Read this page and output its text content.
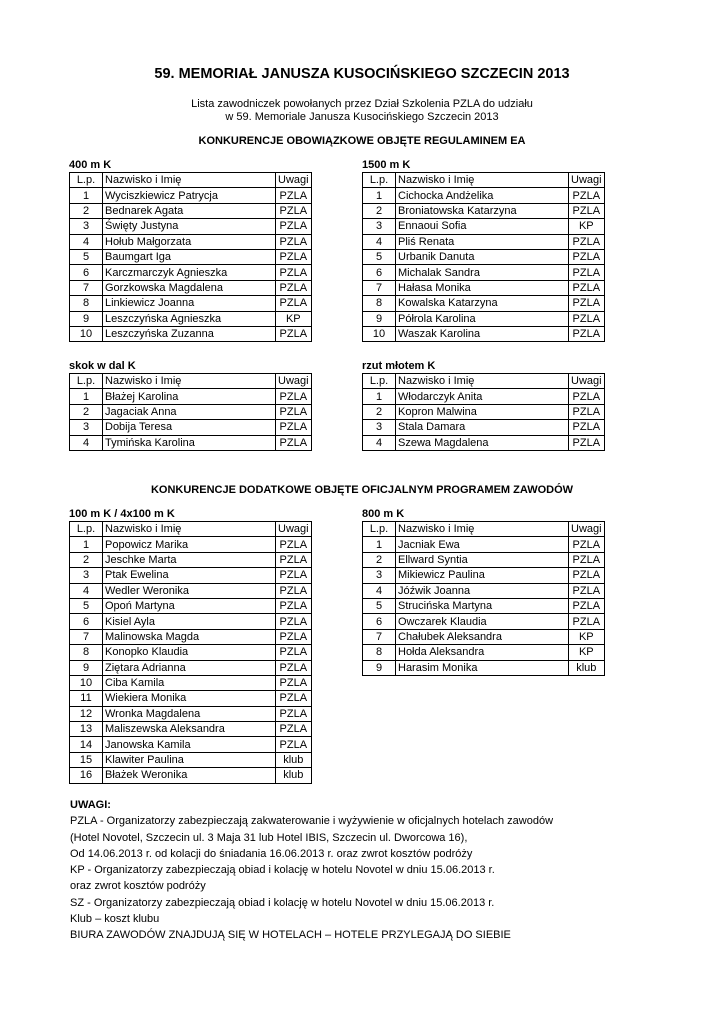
59. MEMORIAŁ JANUSZA KUSOCIŃSKIEGO SZCZECIN 2013
Lista zawodniczek powołanych przez Dział Szkolenia PZLA do udziału
w 59. Memoriale Janusza Kusocińskiego Szczecin 2013
KONKURENCJE OBOWIĄZKOWE OBJĘTE REGULAMINEM EA
400 m K
L.p.	Nazwisko i Imię	Uwagi
1	Wyciszkiewicz Patrycja	PZLA
2	Bednarek Agata	PZLA
3	Święty Justyna	PZLA
4	Hołub Małgorzata	PZLA
5	Baumgart Iga	PZLA
6	Karczmarczyk Agnieszka	PZLA
7	Gorzkowska Magdalena	PZLA
8	Linkiewicz Joanna	PZLA
9	Leszczyńska Agnieszka	KP
10	Leszczyńska Zuzanna	PZLA
1500 m K
L.p.	Nazwisko i Imię	Uwagi
1	Cichocka Andżelika	PZLA
2	Broniatowska Katarzyna	PZLA
3	Ennaoui Sofia	KP
4	Pliś Renata	PZLA
5	Urbanik Danuta	PZLA
6	Michalak Sandra	PZLA
7	Hałasa Monika	PZLA
8	Kowalska Katarzyna	PZLA
9	Półrola Karolina	PZLA
10	Waszak Karolina	PZLA
skok w dal K
L.p.	Nazwisko i Imię	Uwagi
1	Błażej Karolina	PZLA
2	Jagaciak Anna	PZLA
3	Dobija Teresa	PZLA
4	Tymińska Karolina	PZLA
rzut młotem K
L.p.	Nazwisko i Imię	Uwagi
1	Włodarczyk Anita	PZLA
2	Kopron Malwina	PZLA
3	Stala Damara	PZLA
4	Szewa Magdalena	PZLA
KONKURENCJE DODATKOWE OBJĘTE OFICJALNYM PROGRAMEM ZAWODÓW
100 m K / 4x100 m K
L.p.	Nazwisko i Imię	Uwagi
1	Popowicz Marika	PZLA
2	Jeschke Marta	PZLA
3	Ptak Ewelina	PZLA
4	Wedler Weronika	PZLA
5	Opoń Martyna	PZLA
6	Kisiel Ayla	PZLA
7	Malinowska Magda	PZLA
8	Konopko Klaudia	PZLA
9	Ziętara Adrianna	PZLA
10	Ciba Kamila	PZLA
11	Wiekiera Monika	PZLA
12	Wronka Magdalena	PZLA
13	Maliszewska Aleksandra	PZLA
14	Janowska Kamila	PZLA
15	Klawiter Paulina	klub
16	Błażek Weronika	klub
800 m K
L.p.	Nazwisko i Imię	Uwagi
1	Jacniak Ewa	PZLA
2	Ellward Syntia	PZLA
3	Mikiewicz Paulina	PZLA
4	Jóźwik Joanna	PZLA
5	Strucińska Martyna	PZLA
6	Owczarek Klaudia	PZLA
7	Chałubek Aleksandra	KP
8	Hołda Aleksandra	KP
9	Harasim Monika	klub
UWAGI:
PZLA - Organizatorzy zabezpieczają zakwaterowanie i wyżywienie w oficjalnych hotelach zawodów
(Hotel Novotel, Szczecin ul. 3 Maja 31 lub Hotel IBIS, Szczecin ul. Dworcowa 16),
Od 14.06.2013 r. od kolacji do śniadania 16.06.2013 r. oraz zwrot kosztów podróży
KP - Organizatorzy zabezpieczają obiad i kolację w hotelu Novotel w dniu 15.06.2013 r.
oraz zwrot kosztów podróży
SZ - Organizatorzy zabezpieczają obiad i kolację w hotelu Novotel w dniu 15.06.2013 r.
Klub – koszt klubu
BIURA ZAWODÓW ZNAJDUJĄ SIĘ W HOTELACH – HOTELE PRZYLEGAJĄ DO SIEBIE
